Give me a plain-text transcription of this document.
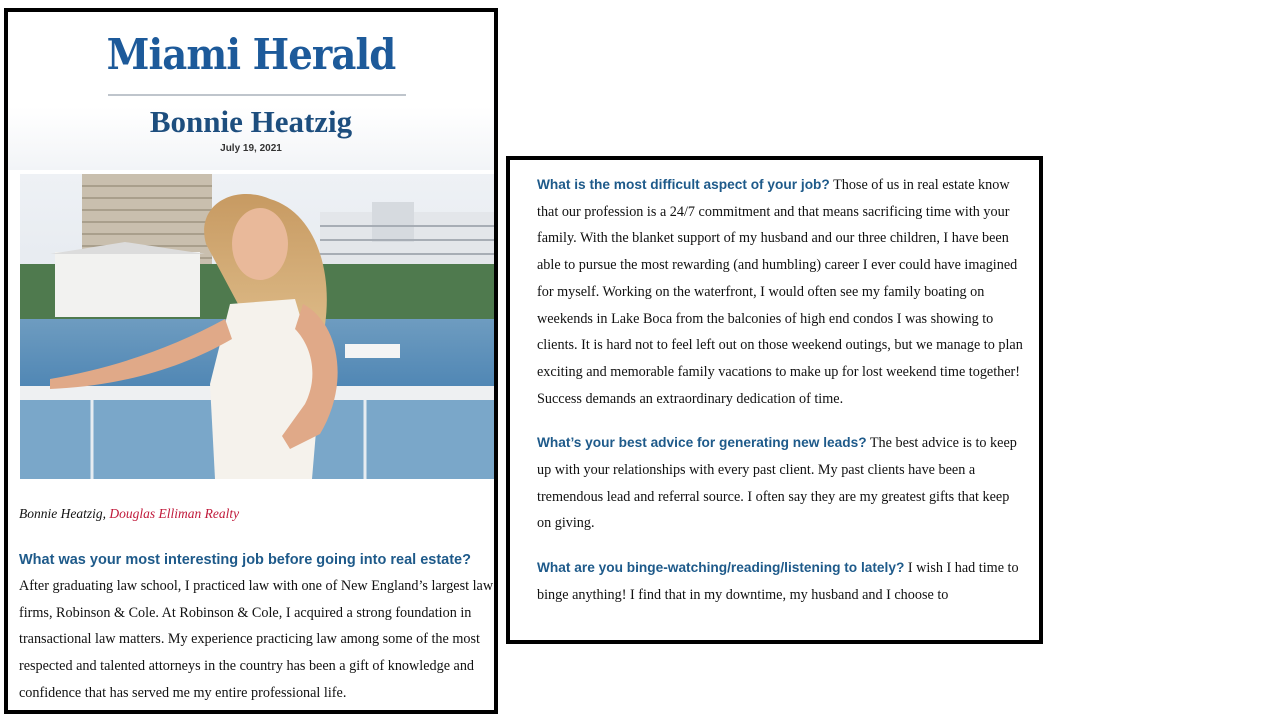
Miami Herald
Bonnie Heatzig
July 19, 2021
Bonnie Heatzig, Douglas Elliman Realty
What was your most interesting job before going into real estate?
After graduating law school, I practiced law with one of New England’s largest law firms, Robinson & Cole. At Robinson & Cole, I acquired a strong foundation in transactional law matters. My experience practicing law among some of the most respected and talented attorneys in the country has been a gift of knowledge and confidence that has served me my entire professional life.

What is the most difficult aspect of your job? Those of us in real estate know that our profession is a 24/7 commitment and that means sacrificing time with your family. With the blanket support of my husband and our three children, I have been able to pursue the most rewarding (and humbling) career I ever could have imagined for myself. Working on the waterfront, I would often see my family boating on weekends in Lake Boca from the balconies of high end condos I was showing to clients. It is hard not to feel left out on those weekend outings, but we manage to plan exciting and memorable family vacations to make up for lost weekend time together! Success demands an extraordinary dedication of time.

What’s your best advice for generating new leads? The best advice is to keep up with your relationships with every past client. My past clients have been a tremendous lead and referral source. I often say they are my greatest gifts that keep on giving.

What are you binge-watching/reading/listening to lately? I wish I had time to binge anything! I find that in my downtime, my husband and I choose to
